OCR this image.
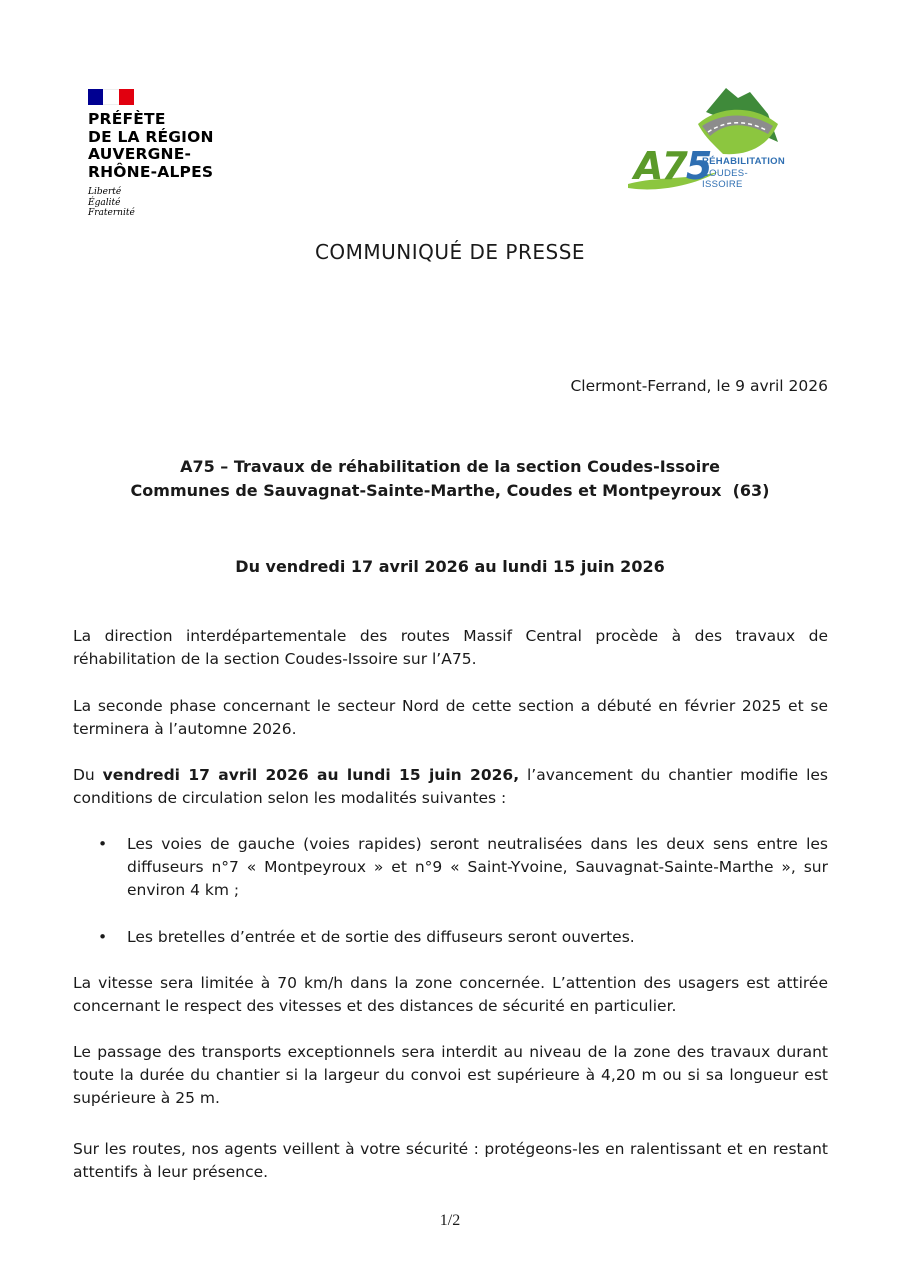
PRÉFÈTE
DE LA RÉGION
AUVERGNE-
RHÔNE-ALPES
Liberté
Égalité
Fraternité
A75
RÉHABILITATION
COUDES-ISSOIRE
COMMUNIQUÉ DE PRESSE
Clermont-Ferrand, le 9 avril 2026
A75 – Travaux de réhabilitation de la section Coudes-Issoire
Communes de Sauvagnat-Sainte-Marthe, Coudes et Montpeyroux  (63)
Du vendredi 17 avril 2026 au lundi 15 juin 2026
La direction interdépartementale des routes Massif Central procède à des travaux de réhabilitation de la section Coudes-Issoire sur l’A75.
La seconde phase concernant le secteur Nord de cette section a débuté en février 2025 et se terminera à l’automne 2026.
Du vendredi 17 avril 2026 au lundi 15 juin 2026, l’avancement du chantier modifie les conditions de circulation selon les modalités suivantes :
• Les voies de gauche (voies rapides) seront neutralisées dans les deux sens entre les diffuseurs n°7 « Montpeyroux » et n°9 « Saint-Yvoine, Sauvagnat-Sainte-Marthe », sur environ 4 km ;
• Les bretelles d’entrée et de sortie des diffuseurs seront ouvertes.
La vitesse sera limitée à 70 km/h dans la zone concernée. L’attention des usagers est attirée concernant le respect des vitesses et des distances de sécurité en particulier.
Le passage des transports exceptionnels sera interdit au niveau de la zone des travaux durant toute la durée du chantier si la largeur du convoi est supérieure à 4,20 m ou si sa longueur est supérieure à 25 m.
Sur les routes, nos agents veillent à votre sécurité : protégeons-les en ralentissant et en restant attentifs à leur présence.
1/2
